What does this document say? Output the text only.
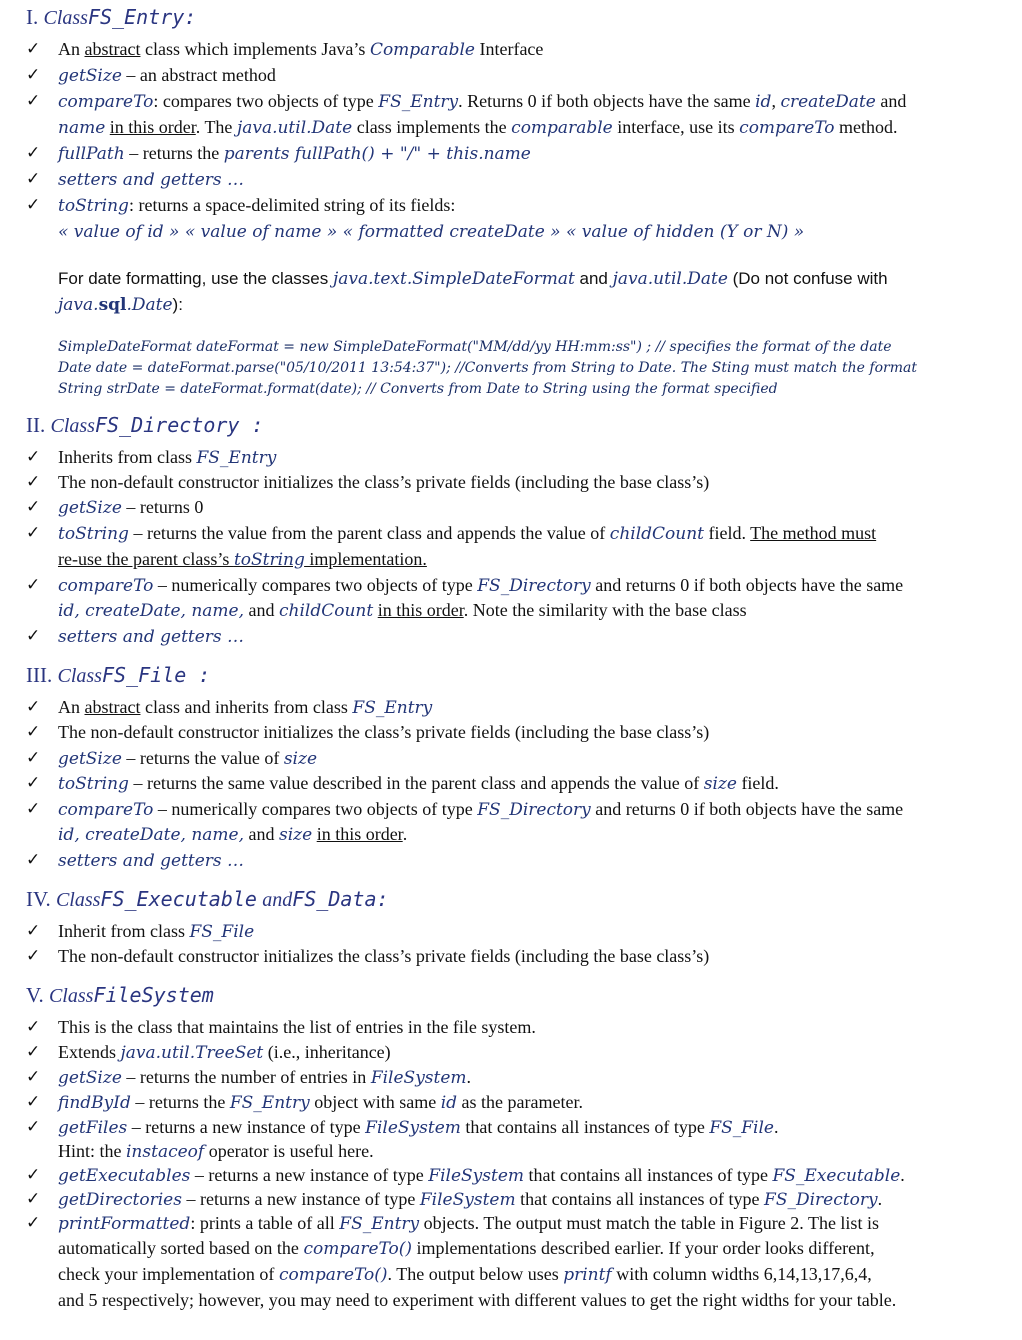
I. ClassFS_Entry:
✓ An abstract class which implements Java’s Comparable Interface
✓ getSize – an abstract method
✓ compareTo: compares two objects of type FS_Entry. Returns 0 if both objects have the same id, createDate and
name in this order. The java.util.Date class implements the comparable interface, use its compareTo method.
✓ fullPath – returns the parents fullPath() + "/" + this.name
✓ setters and getters …
✓ toString: returns a space-delimited string of its fields:
« value of id » « value of name » « formatted createDate » « value of hidden (Y or N) »
For date formatting, use the classes java.text.SimpleDateFormat and java.util.Date (Do not confuse with
java.sql.Date):
SimpleDateFormat dateFormat = new SimpleDateFormat("MM/dd/yy HH:mm:ss") ; // specifies the format of the date
Date date = dateFormat.parse("05/10/2011 13:54:37"); //Converts from String to Date. The Sting must match the format
String strDate = dateFormat.format(date); // Converts from Date to String using the format specified
II. ClassFS_Directory :
✓ Inherits from class FS_Entry
✓ The non-default constructor initializes the class’s private fields (including the base class’s)
✓ getSize – returns 0
✓ toString – returns the value from the parent class and appends the value of childCount field. The method must
re-use the parent class’s toString implementation.
✓ compareTo – numerically compares two objects of type FS_Directory and returns 0 if both objects have the same
id, createDate, name, and childCount in this order. Note the similarity with the base class
✓ setters and getters …
III. ClassFS_File :
✓ An abstract class and inherits from class FS_Entry
✓ The non-default constructor initializes the class’s private fields (including the base class’s)
✓ getSize – returns the value of size
✓ toString – returns the same value described in the parent class and appends the value of size field.
✓ compareTo – numerically compares two objects of type FS_Directory and returns 0 if both objects have the same
id, createDate, name, and size in this order.
✓ setters and getters …
IV. ClassFS_Executable andFS_Data:
✓ Inherit from class FS_File
✓ The non-default constructor initializes the class’s private fields (including the base class’s)
V. ClassFileSystem
✓ This is the class that maintains the list of entries in the file system.
✓ Extends java.util.TreeSet (i.e., inheritance)
✓ getSize – returns the number of entries in FileSystem.
✓ findById – returns the FS_Entry object with same id as the parameter.
✓ getFiles – returns a new instance of type FileSystem that contains all instances of type FS_File.
Hint: the instaceof operator is useful here.
✓ getExecutables – returns a new instance of type FileSystem that contains all instances of type FS_Executable.
✓ getDirectories – returns a new instance of type FileSystem that contains all instances of type FS_Directory.
✓ printFormatted: prints a table of all FS_Entry objects. The output must match the table in Figure 2. The list is
automatically sorted based on the compareTo() implementations described earlier. If your order looks different,
check your implementation of compareTo(). The output below uses printf with column widths 6,14,13,17,6,4,
and 5 respectively; however, you may need to experiment with different values to get the right widths for your table.
